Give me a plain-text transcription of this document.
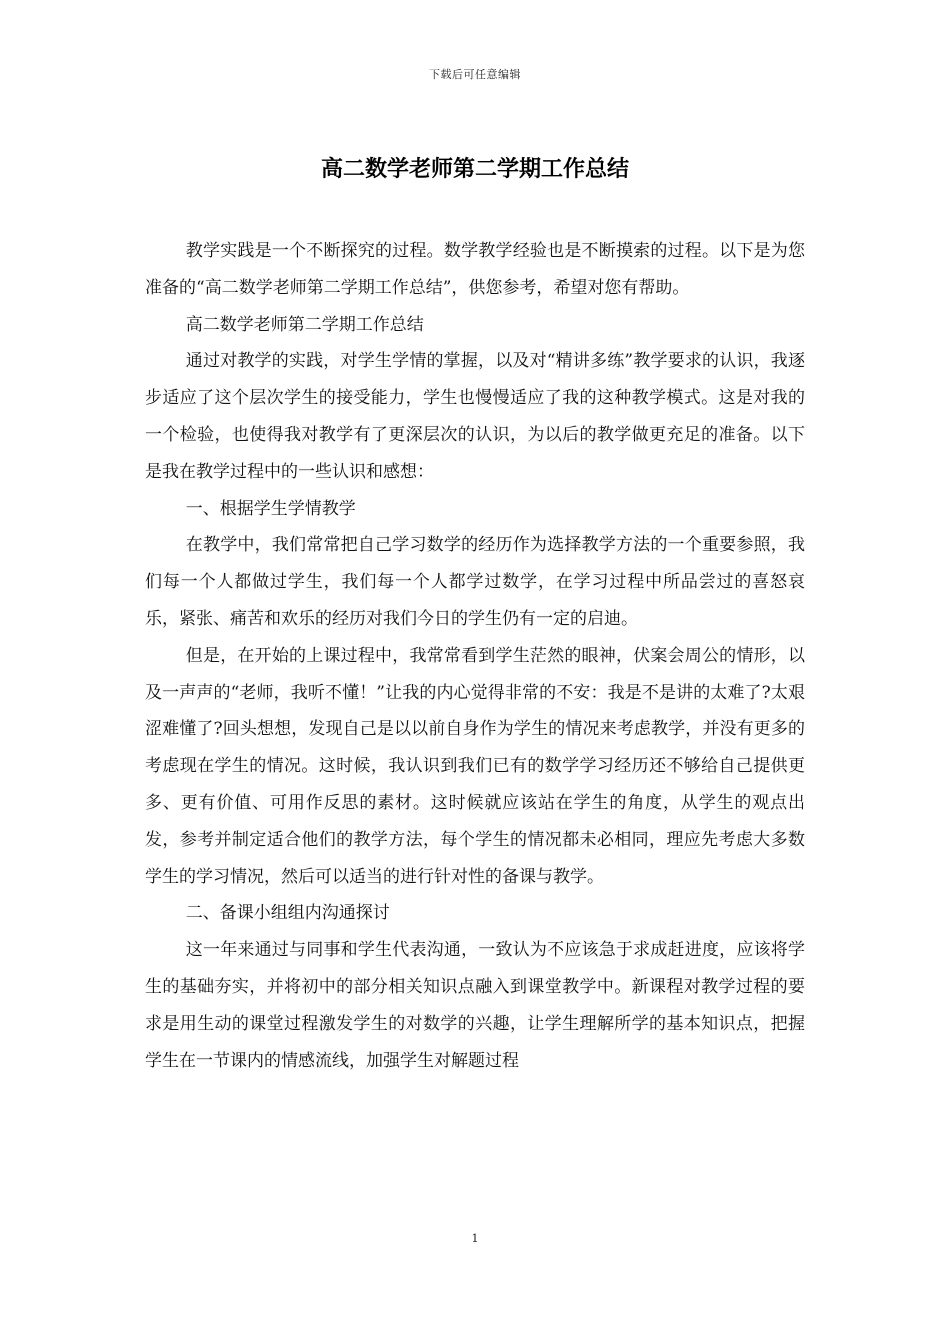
下载后可任意编辑
高二数学老师第二学期工作总结

教学实践是一个不断探究的过程。数学教学经验也是不断摸索的过程。以下是为您准备的“高二数学老师第二学期工作总结”，供您参考，希望对您有帮助。

高二数学老师第二学期工作总结

通过对教学的实践，对学生学情的掌握，以及对“精讲多练”教学要求的认识，我逐步适应了这个层次学生的接受能力，学生也慢慢适应了我的这种教学模式。这是对我的一个检验，也使得我对教学有了更深层次的认识，为以后的教学做更充足的准备。以下是我在教学过程中的一些认识和感想：

一、根据学生学情教学

在教学中，我们常常把自己学习数学的经历作为选择教学方法的一个重要参照，我们每一个人都做过学生，我们每一个人都学过数学，在学习过程中所品尝过的喜怒哀乐，紧张、痛苦和欢乐的经历对我们今日的学生仍有一定的启迪。

但是，在开始的上课过程中，我常常看到学生茫然的眼神，伏案会周公的情形，以及一声声的“老师，我听不懂！”让我的内心觉得非常的不安：我是不是讲的太难了?太艰涩难懂了?回头想想，发现自己是以以前自身作为学生的情况来考虑教学，并没有更多的考虑现在学生的情况。这时候，我认识到我们已有的数学学习经历还不够给自己提供更多、更有价值、可用作反思的素材。这时候就应该站在学生的角度，从学生的观点出发，参考并制定适合他们的教学方法，每个学生的情况都未必相同，理应先考虑大多数学生的学习情况，然后可以适当的进行针对性的备课与教学。

二、备课小组组内沟通探讨

这一年来通过与同事和学生代表沟通，一致认为不应该急于求成赶进度，应该将学生的基础夯实，并将初中的部分相关知识点融入到课堂教学中。新课程对教学过程的要求是用生动的课堂过程激发学生的对数学的兴趣，让学生理解所学的基本知识点，把握学生在一节课内的情感流线，加强学生对解题过程

1
